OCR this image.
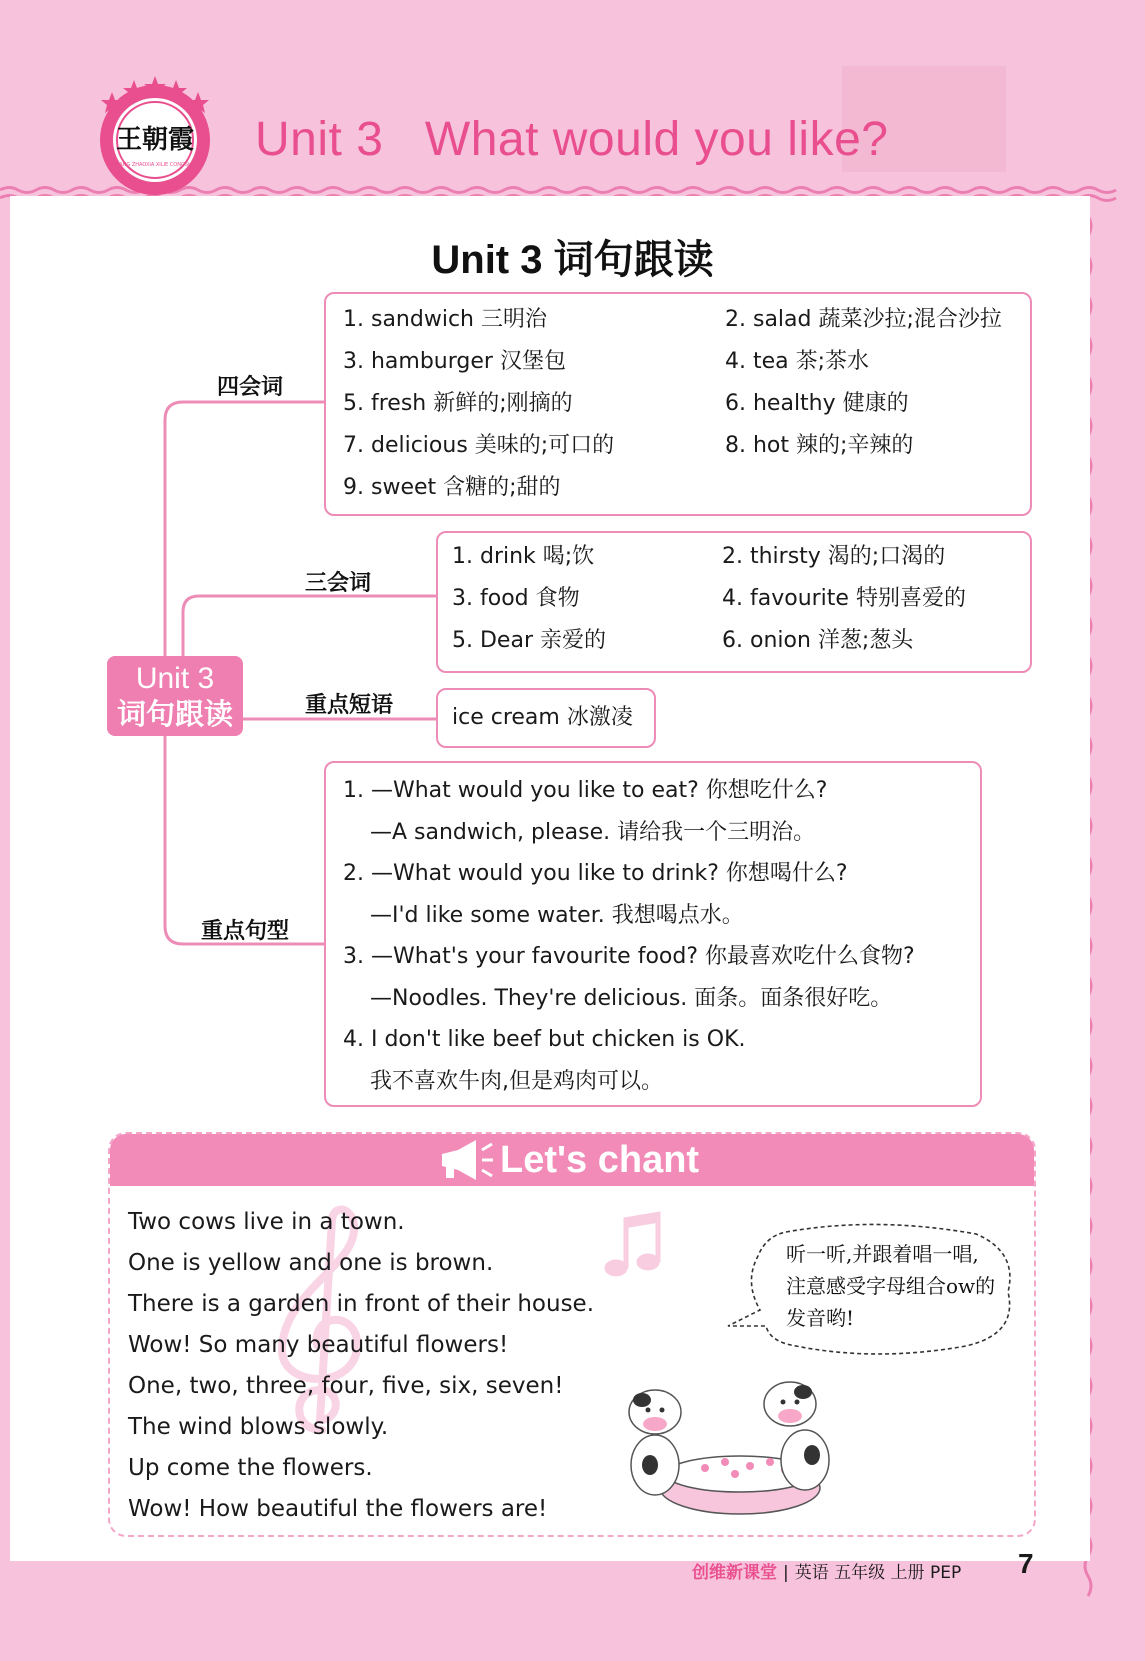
王朝霞
WANG ZHAOXIA XILIE CONGSHU Unit 3   What would you like?
Unit 3 词句跟读
Unit 3
词句跟读
四会词
1. sandwich 三明治	2. salad 蔬菜沙拉;混合沙拉
3. hamburger 汉堡包	4. tea 茶;茶水
5. fresh 新鲜的;刚摘的	6. healthy 健康的
7. delicious 美味的;可口的	8. hot 辣的;辛辣的
9. sweet 含糖的;甜的
三会词
1. drink 喝;饮	2. thirsty 渴的;口渴的
3. food 食物	4. favourite 特别喜爱的
5. Dear 亲爱的	6. onion 洋葱;葱头
重点短语	ice cream 冰激凌
重点句型
1. —What would you like to eat? 你想吃什么?
—A sandwich, please. 请给我一个三明治。
2. —What would you like to drink? 你想喝什么?
—I'd like some water. 我想喝点水。
3. —What's your favourite food? 你最喜欢吃什么食物?
—Noodles. They're delicious. 面条。面条很好吃。
4. I don't like beef but chicken is OK.
我不喜欢牛肉,但是鸡肉可以。
Let's chant
Two cows live in a town.
One is yellow and one is brown.
There is a garden in front of their house.
Wow! So many beautiful flowers!
One, two, three, four, five, six, seven!
The wind blows slowly.
Up come the flowers.
Wow! How beautiful the flowers are!
听一听,并跟着唱一唱,注意感受字母组合ow的发音哟!
创维新课堂 | 英语 五年级 上册 PEP 7
